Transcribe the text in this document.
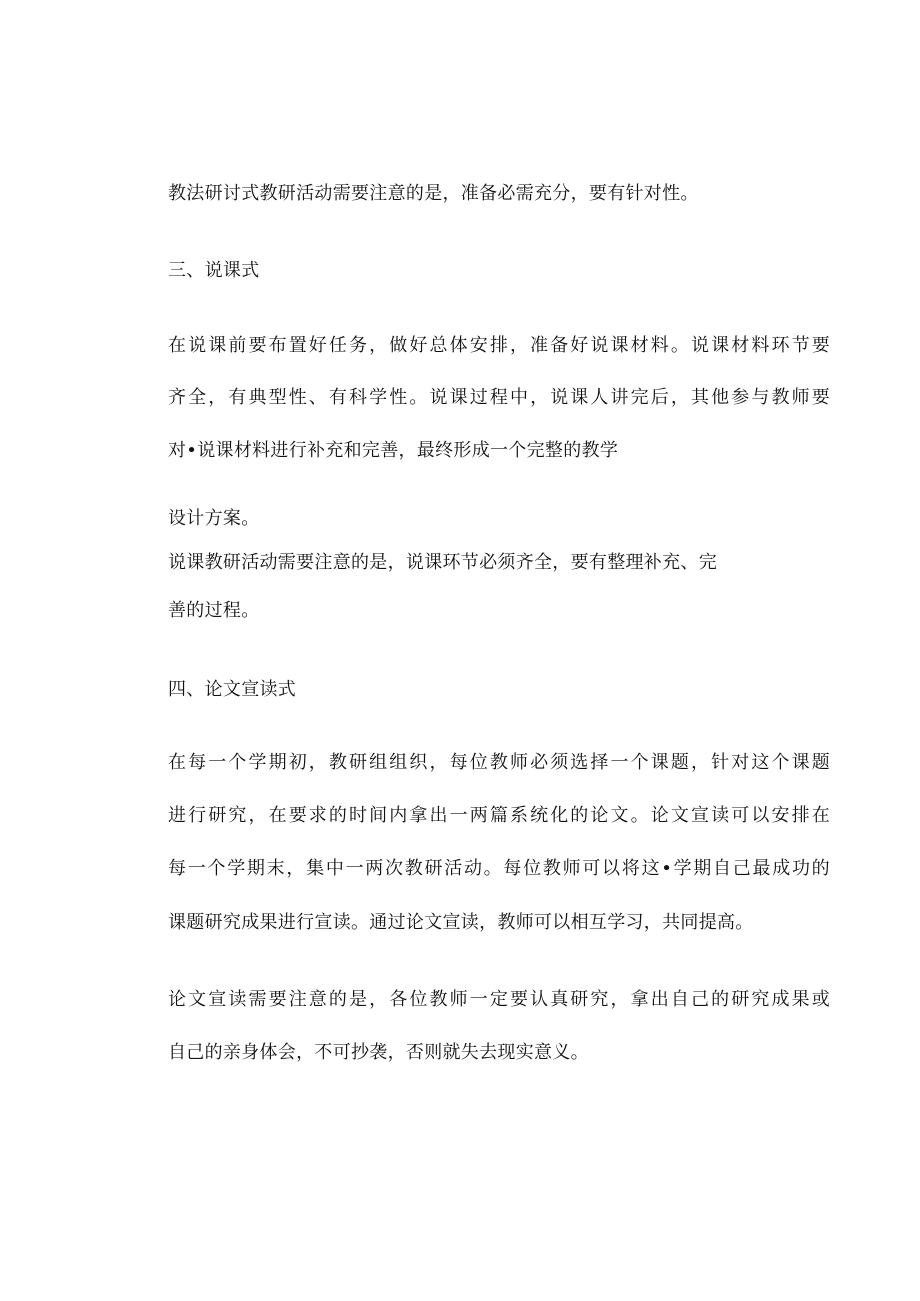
教法研讨式教研活动需要注意的是，准备必需充分，要有针对性。
三、说课式
在说课前要布置好任务，做好总体安排，准备好说课材料。说课材料环节要
齐全，有典型性、有科学性。说课过程中，说课人讲完后，其他参与教师要
对•说课材料进行补充和完善，最终形成一个完整的教学
设计方案。
说课教研活动需要注意的是，说课环节必须齐全，要有整理补充、完
善的过程。
四、论文宣读式
在每一个学期初，教研组组织，每位教师必须选择一个课题，针对这个课题
进行研究，在要求的时间内拿出一两篇系统化的论文。论文宣读可以安排在
每一个学期末，集中一两次教研活动。每位教师可以将这•学期自己最成功的
课题研究成果进行宣读。通过论文宣读，教师可以相互学习，共同提高。
论文宣读需要注意的是，各位教师一定要认真研究，拿出自己的研究成果或
自己的亲身体会，不可抄袭，否则就失去现实意义。
